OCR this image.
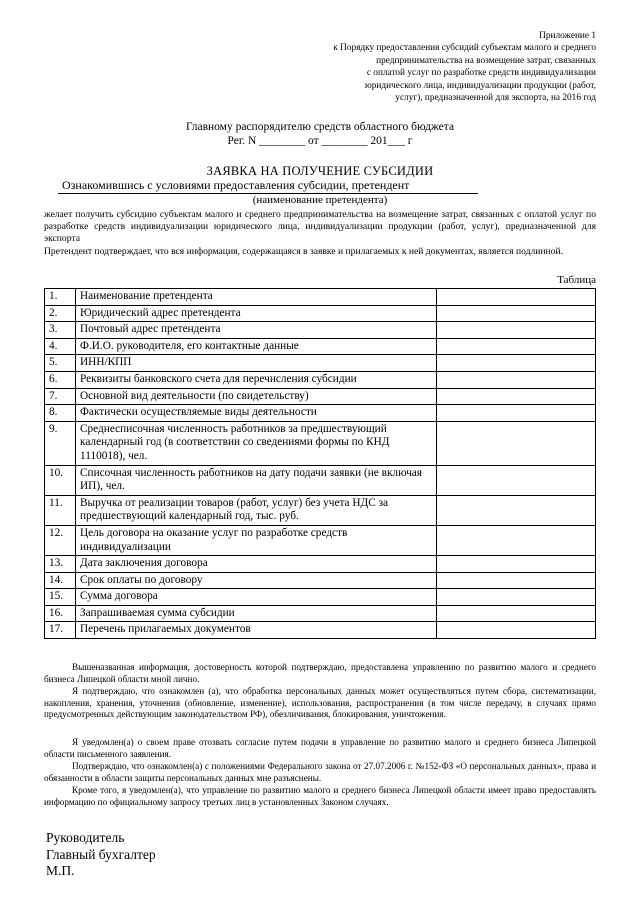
Приложение 1
к Порядку предоставления субсидий субъектам малого и среднего
предпринимательства на возмещение затрат, связанных
с оплатой услуг по разработке средств индивидуализации
юридического лица, индивидуализации продукции (работ,
услуг), предназначенной для экспорта, на 2016 год
Главному распорядителю средств областного бюджета
Рег. N ________ от ________ 201___ г
ЗАЯВКА НА ПОЛУЧЕНИЕ СУБСИДИИ
Ознакомившись с условиями предоставления субсидии, претендент
(наименование претендента)
желает получить субсидию субъектам малого и среднего предпринимательства на возмещение затрат, связанных с оплатой услуг по разработке средств индивидуализации юридического лица, индивидуализации продукции (работ, услуг), предназначенной для экспорта
Претендент подтверждает, что вся информация, содержащаяся в заявке и прилагаемых к ней документах, является подлинной.
Таблица
1.	Наименование претендента	
2.	Юридический адрес претендента	
3.	Почтовый адрес претендента	
4.	Ф.И.О. руководителя, его контактные данные	
5.	ИНН/КПП	
6.	Реквизиты банковского счета для перечисления субсидии	
7.	Основной вид деятельности (по свидетельству)	
8.	Фактически осуществляемые виды деятельности	
9.	Среднесписочная численность работников за предшествующий календарный год (в соответствии со сведениями формы по КНД 1110018), чел.	
10.	Списочная численность работников на дату подачи заявки (не включая ИП), чел.	
11.	Выручка от реализации товаров (работ, услуг) без учета НДС за предшествующий календарный год, тыс. руб.	
12.	Цель договора на оказание услуг по разработке средств индивидуализации	
13.	Дата заключения договора	
14.	Срок оплаты по договору	
15.	Сумма договора	
16.	Запрашиваемая сумма субсидии	
17.	Перечень прилагаемых документов	
Вышеназванная информация, достоверность которой подтверждаю, предоставлена управлению по развитию малого и среднего бизнеса Липецкой области мной лично.
Я подтверждаю, что ознакомлен (а), что обработка персональных данных может осуществляться путем сбора, систематизации, накопления, хранения, уточнения (обновление, изменение), использования, распространения (в том числе передачу, в случаях прямо предусмотренных действующим законодательством РФ), обезличивания, блокирования, уничтожения.
Я уведомлен(а) о своем праве отозвать согласие путем подачи в управление по развитию малого и среднего бизнеса Липецкой области письменного заявления.
Подтверждаю, что ознакомлен(а) с положениями Федерального закона от 27.07.2006 г. №152-ФЗ «О персональных данных», права и обязанности в области защиты персональных данных мне разъяснены.
Кроме того, я уведомлен(а), что управление по развитию малого и среднего бизнеса Липецкой области имеет право предоставлять информацию по официальному запросу третьих лиц в установленных Законом случаях.
Руководитель
Главный бухгалтер
М.П.
